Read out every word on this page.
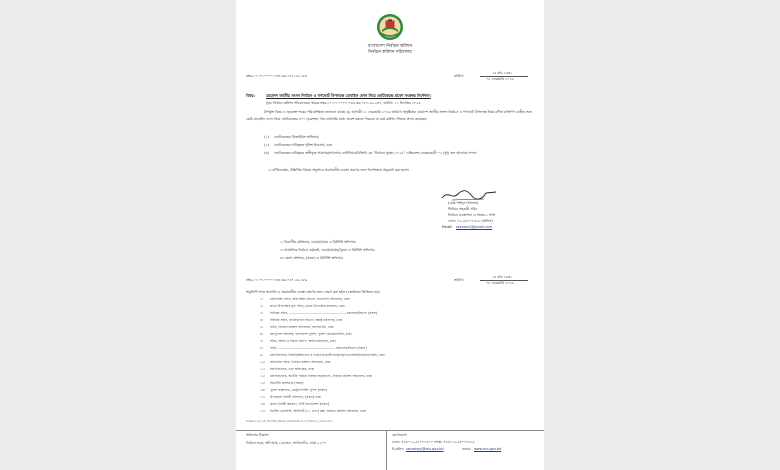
বাংলাদেশ নির্বাচন কমিশন
নির্বাচন কমিশন সচিবালয়
নম্বর-১৭.০০.০০০০.০৩৪.৩৬.০৫৭.২৪-১৮৬	তারিখ:
২৫ মাঘ ১৪৩১
০৮ ফেব্রুয়ারি ২০২৫
বিষয়:	ত্রয়োদশ জাতীয় সংসদ নির্বাচন ও গণভোট উপলক্ষে মোবাইল ফোন নিয়ে ভোটকেন্দ্রে প্রবেশ সংক্রান্ত নির্দেশনা।
সূত্র: নির্বাচন কমিশন সচিবালয়ের স্মারক নম্বর-১৭.০০.০০০০.০৩৪.৩৬.০৫৭.২৪-২৩৭, তারিখ: ১১ ডিসেম্বর ২০২৪
উপর্যুক্ত বিষয় ও সূত্রোক্ত পত্রের পরিপ্রেক্ষিতে জানানো যাচ্ছে যে, আগামী ১১ ফেব্রুয়ারি ২০২৬ তারিখে অনুষ্ঠিতব্য ত্রয়োদশ জাতীয় সংসদ নির্বাচন ও গণভোট উপলক্ষে নিম্নে বর্ণিত ব্যক্তিগণ ব্যতীত অন্য কেউ মোবাইল ফোন নিয়ে ভোটকেন্দ্রের ৪০০ (চারশত) গজ ব্যাসার্ধের মধ্যে প্রবেশ করতে পারবেন না মর্মে কমিশন সিদ্ধান্ত প্রদান করেছেন:
(১) ভোটকেন্দ্রের প্রিজাইডিং অফিসার;
(২) ভোটকেন্দ্রের দায়িত্বরত পুলিশ ইনচার্জ; এবং
(৩) ভোটকেন্দ্রের দায়িত্বরত অঙ্গীভূত আনসার/আনসার ব্যাটালিয়ন/বিজিবি এর "নির্বাচন সুরক্ষা ২০২৫" এপ্লিকেশন ব্যবহারকারী ০২ (দুই) জন আনসার সদস্য।
২। বর্ণিতাবস্থায়, উল্লিখিত বিষয়ে অনুসারে প্রয়োজনীয় ব্যবস্থা গ্রহণের জন্য নির্দেশক্রমে অনুরোধ করা হলো।
(মোঃ শাহিদুল ইসলাম)
সিনিয়র সহকারী সচিব
নির্বাচন ব্যবস্থাপনা ও সমন্বয়-১ শাখা
ফোন: ০২-৫৫০০৭৫১৮ (অফিস)
Email: secems1@gmail.com
১। বিভাগীয় কমিশনার, ঢাকা/চট্টগ্রাম ও রিটার্নিং অফিসার
২। আঞ্চলিক নির্বাচন কর্মকর্তা, ঢাকা/চট্টগ্রাম/খুলনা ও রিটার্নিং অফিসার
৩। জেলা প্রশাসক, (সকল) ও রিটার্নিং অফিসার
নম্বর-১৭.০০.০০০০.০৩৪.৩৬.০৫৭.২৪-১৮৬	তারিখ:
২৫ মাঘ ১৪৩১
০৮ ফেব্রুয়ারি ২০২৫
অনুলিপি সদয় অবগতি ও প্রয়োজনীয় ব্যবস্থা গ্রহণের জন্য প্রেরণ করা হইল (জ্যেষ্ঠতার ভিত্তিতে নয়):
১। মন্ত্রিপরিষদ সচিব, মন্ত্রিপরিষদ বিভাগ, বাংলাদেশ সচিবালয়, ঢাকা
২। প্রধান উপদেষ্টার মুখ্য সচিব, প্রধান উপদেষ্টার কার্যালয়, ঢাকা
৩। সিনিয়র সচিব, ........................................................ মন্ত্রণালয়/বিভাগ (সকল)
৪। সিনিয়র সচিব, জননিরাপত্তা বিভাগ, স্বরাষ্ট্র মন্ত্রণালয়, ঢাকা
৫। সচিব, নির্বাচন কমিশন সচিবালয়, আগারগাঁও, ঢাকা
৬। মহাপুলিশ পরিদর্শক, বাংলাদেশ পুলিশ, পুলিশ হেডকোয়ার্টার্স, ঢাকা
৭। সচিব, আইন ও বিচার বিভাগ, আইন মন্ত্রণালয়, ঢাকা
৮। সচিব, ........................................................ মন্ত্রণালয়/বিভাগ (সকল)
৯। মহাপরিচালক, বিজিবি/আনসার ও ভিডিপি/কোস্টগার্ড/র‍্যাব/এনএসআই/ডিজিএফআই, ঢাকা
১০। অতিরিক্ত সচিব, নির্বাচন কমিশন সচিবালয়, ঢাকা
১১। মহাপরিচালক, তথ্য অধিদপ্তর, ঢাকা
১২। মহাপরিচালক, জাতীয় পরিচয় নিবন্ধন অনুবিভাগ, নির্বাচন কমিশন সচিবালয়, ঢাকা
১৩। বিভাগীয় কমিশনার (সকল)
১৪। পুলিশ কমিশনার, মেট্রোপলিটন পুলিশ (সকল)
১৫। উপজেলা নির্বাহী অফিসার, (সকল) ঢাকা
১৬। প্রধান নির্বাহী কর্মকর্তা, সিটি কর্পোরেশন (সকল)
১৭। সিস্টেম এনালিস্ট, আইসিটি (১১ তলা) কক্ষ, নির্বাচন কমিশন সচিবালয়, ঢাকা
E:\Nazrul_ap_18_19\Chithi_Ballot_2024\2024-11-13_Election_notice.docx
অফিসের ঠিকানা:
নির্বাচন ভবন, প্লট নং-ই-১৪/জেড, আগারগাঁও, ঢাকা-১২০৭
যোগাযোগ:
ফোন: +৮৮০-২-৫৫০০৭৫০০ ফ্যাক্স: +৮৮০-২-৫৫০০৭৫১৫
ই-মেইল: secretary@ecs.gov.bd	ওয়েব: www.ecs.gov.bd
